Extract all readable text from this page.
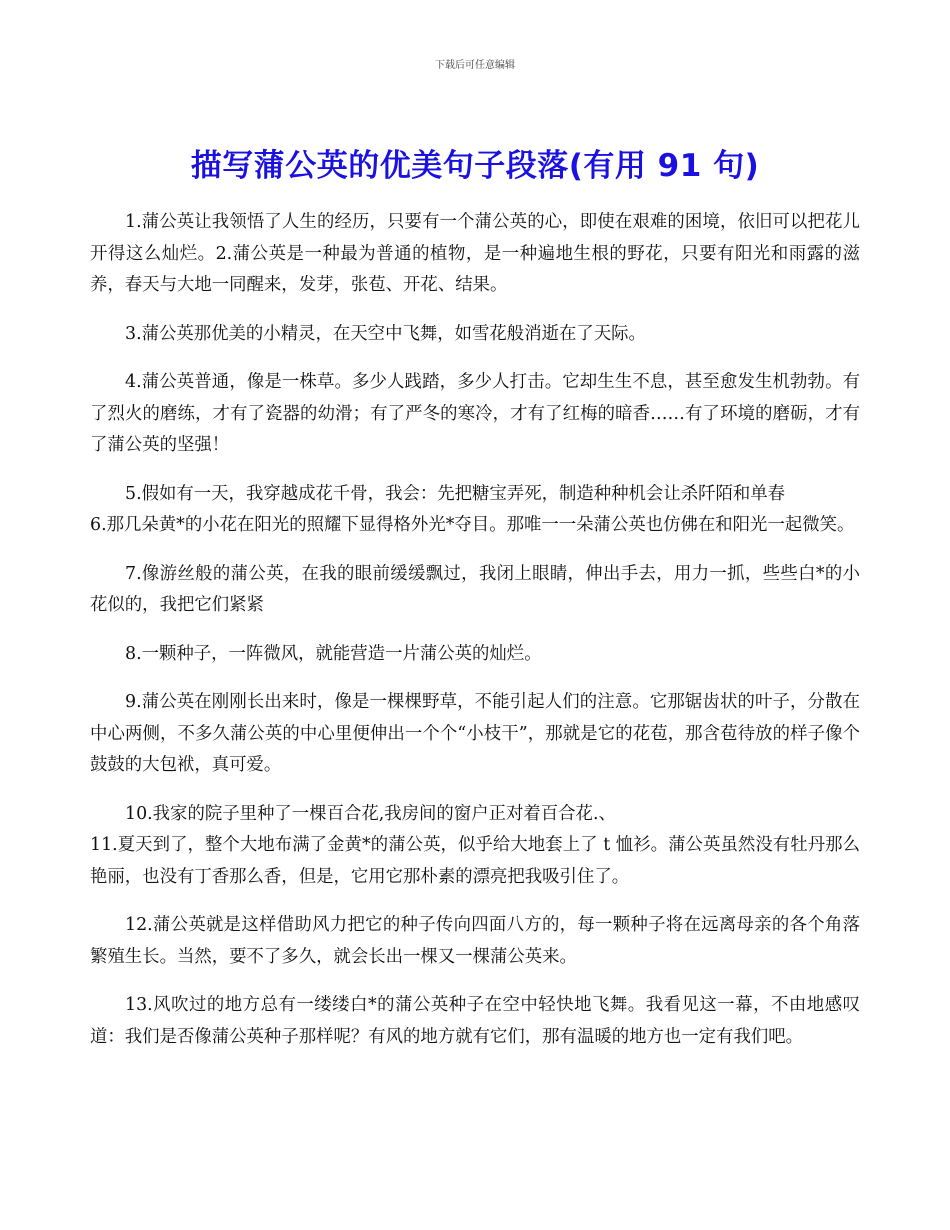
下载后可任意编辑
描写蒲公英的优美句子段落(有用 91 句)

1.蒲公英让我领悟了人生的经历，只要有一个蒲公英的心，即使在艰难的困境，依旧可以把花儿开得这么灿烂。2.蒲公英是一种最为普通的植物，是一种遍地生根的野花，只要有阳光和雨露的滋养，春天与大地一同醒来，发芽，张苞、开花、结果。

3.蒲公英那优美的小精灵，在天空中飞舞，如雪花般消逝在了天际。

4.蒲公英普通，像是一株草。多少人践踏，多少人打击。它却生生不息，甚至愈发生机勃勃。有了烈火的磨练，才有了瓷器的幼滑；有了严冬的寒冷，才有了红梅的暗香……有了环境的磨砺，才有了蒲公英的坚强！

5.假如有一天，我穿越成花千骨，我会：先把糖宝弄死，制造种种机会让杀阡陌和单春

6.那几朵黄*的小花在阳光的照耀下显得格外光*夺目。那唯一一朵蒲公英也仿佛在和阳光一起微笑。

7.像游丝般的蒲公英，在我的眼前缓缓飘过，我闭上眼睛，伸出手去，用力一抓，些些白*的小花似的，我把它们紧紧

8.一颗种子，一阵微风，就能营造一片蒲公英的灿烂。

9.蒲公英在刚刚长出来时，像是一棵棵野草，不能引起人们的注意。它那锯齿状的叶子，分散在中心两侧，不多久蒲公英的中心里便伸出一个个“小枝干”，那就是它的花苞，那含苞待放的样子像个鼓鼓的大包袱，真可爱。

10.我家的院子里种了一棵百合花,我房间的窗户正对着百合花.、

11.夏天到了，整个大地布满了金黄*的蒲公英，似乎给大地套上了 t 恤衫。蒲公英虽然没有牡丹那么艳丽，也没有丁香那么香，但是，它用它那朴素的漂亮把我吸引住了。

12.蒲公英就是这样借助风力把它的种子传向四面八方的，每一颗种子将在远离母亲的各个角落繁殖生长。当然，要不了多久，就会长出一棵又一棵蒲公英来。

13.风吹过的地方总有一缕缕白*的蒲公英种子在空中轻快地飞舞。我看见这一幕，不由地感叹道：我们是否像蒲公英种子那样呢？有风的地方就有它们，那有温暖的地方也一定有我们吧。
